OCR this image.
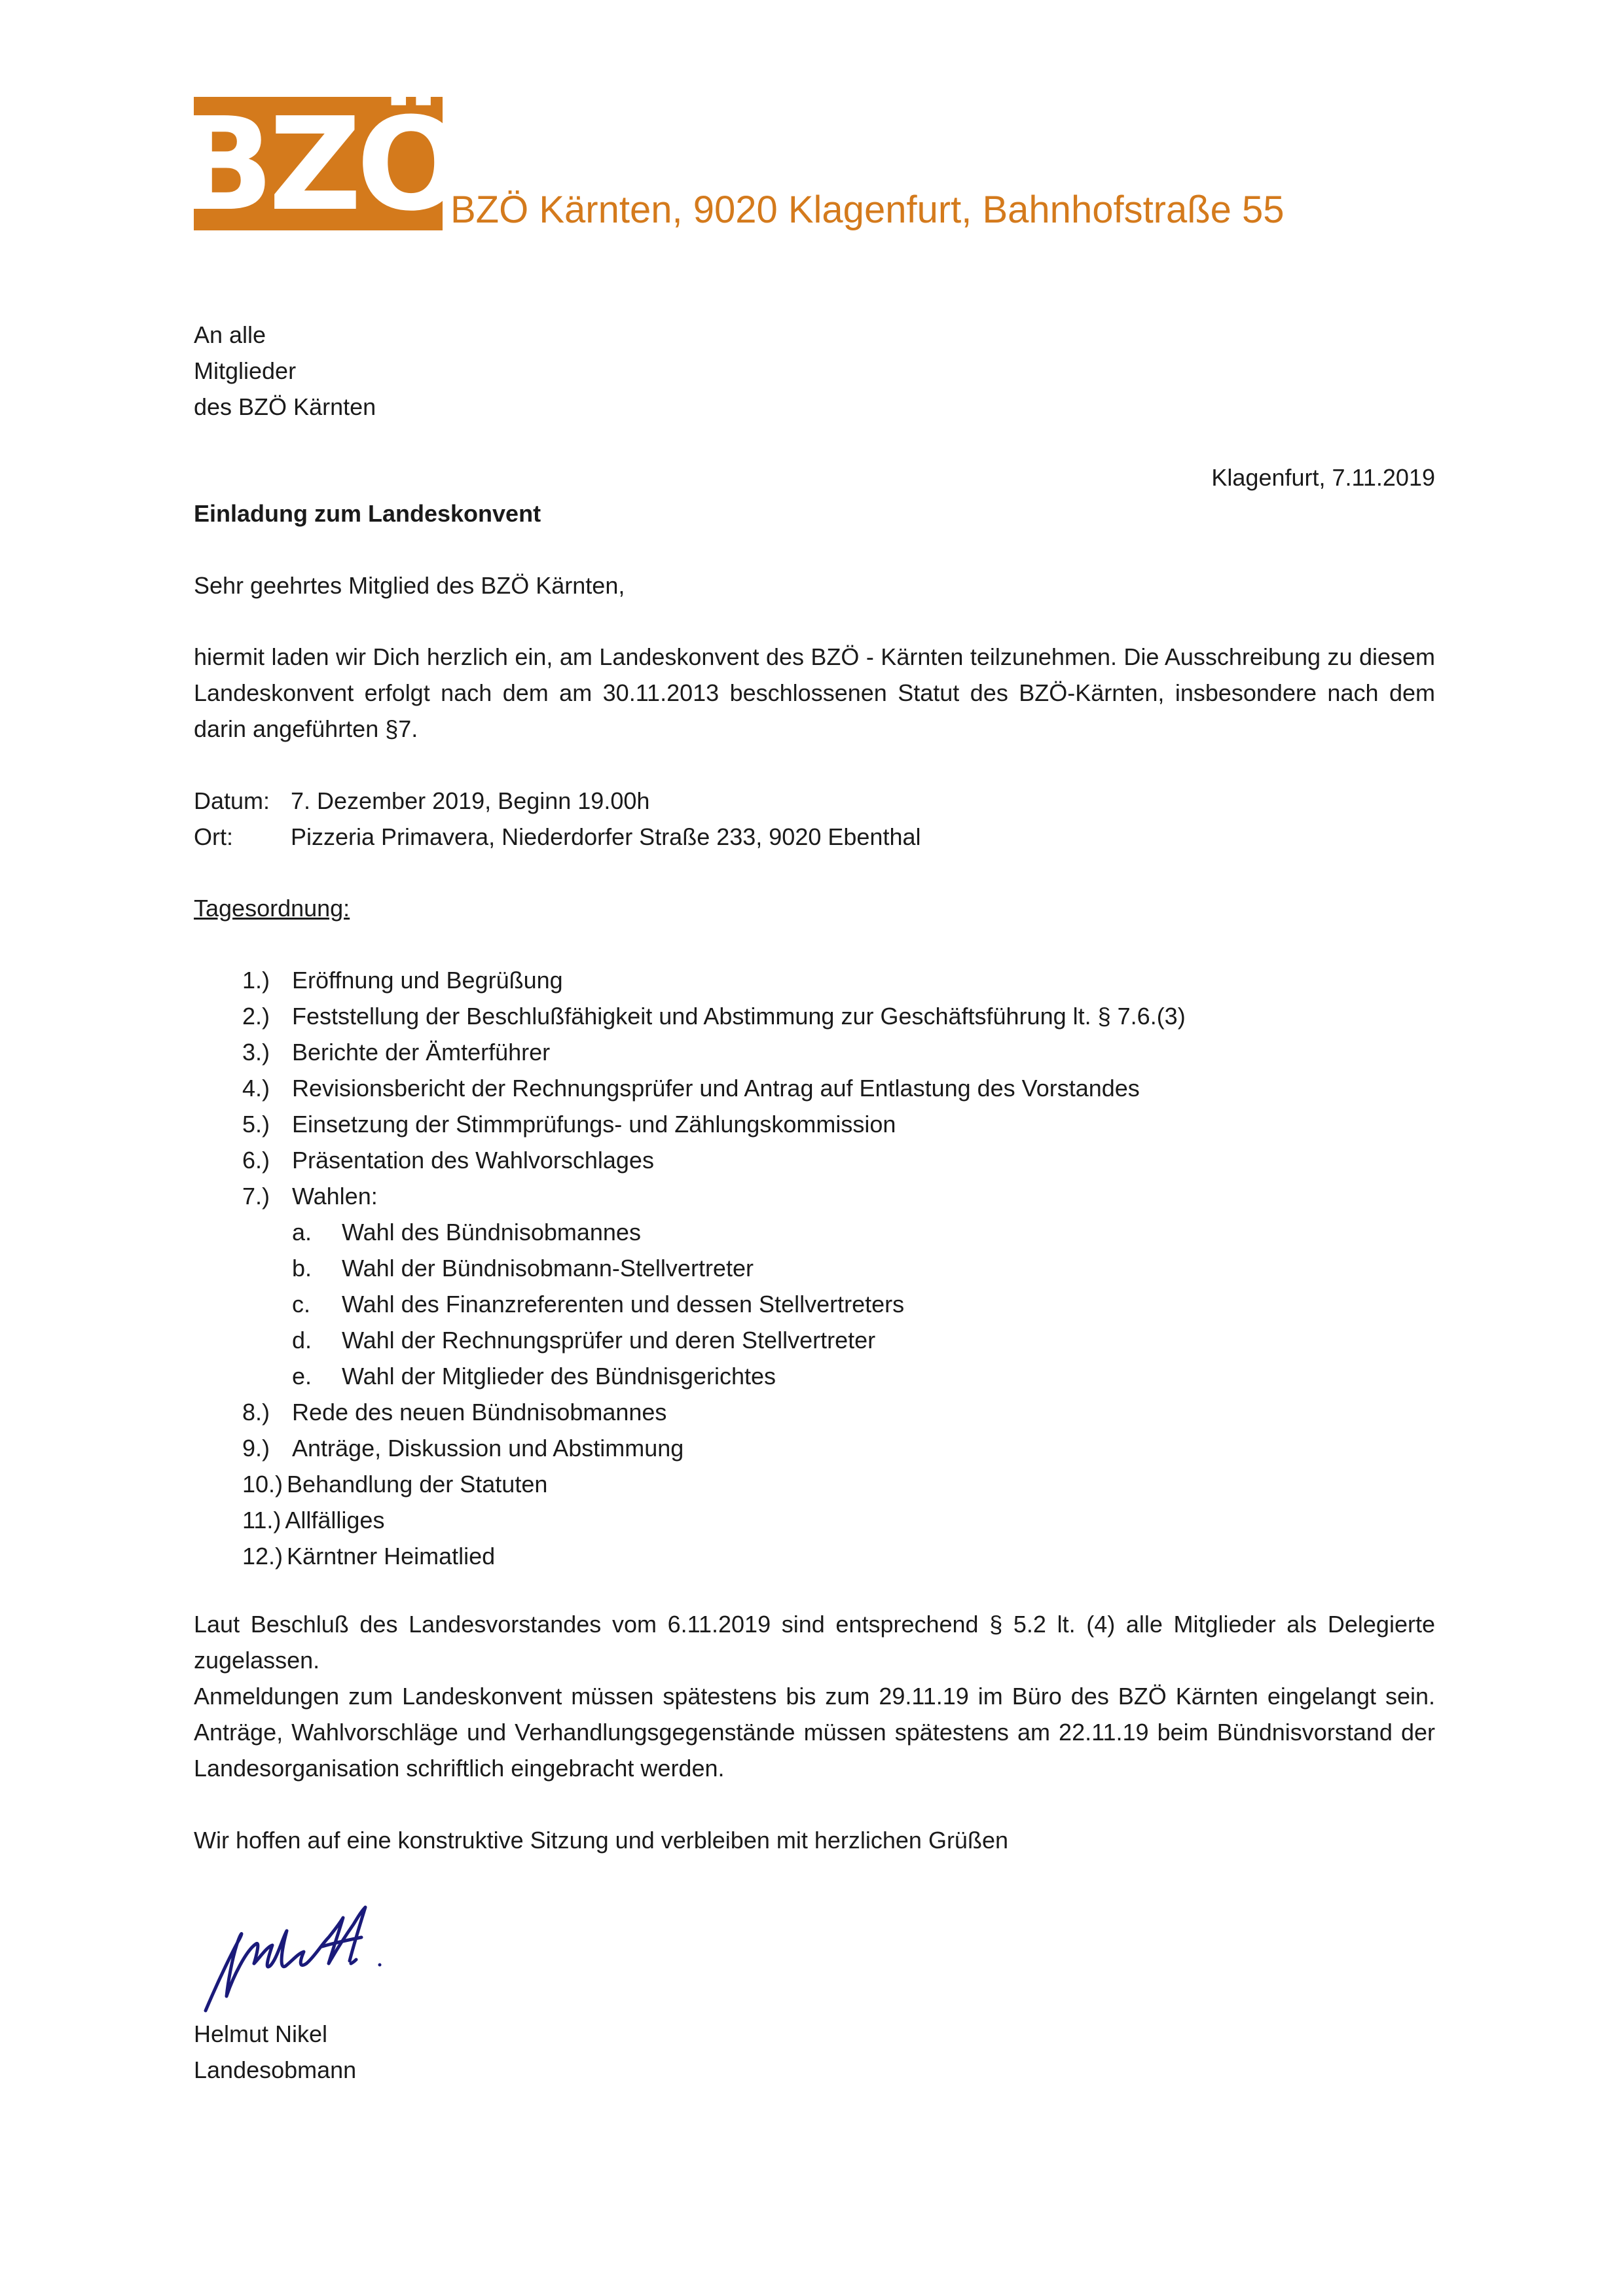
BZÖ
BZÖ Kärnten, 9020 Klagenfurt, Bahnhofstraße 55
An alle
Mitglieder
des BZÖ Kärnten
Klagenfurt, 7.11.2019
Einladung zum Landeskonvent
Sehr geehrtes Mitglied des BZÖ Kärnten,
hiermit laden wir Dich herzlich ein, am Landeskonvent des BZÖ - Kärnten teilzunehmen. Die Ausschreibung zu diesem Landeskonvent erfolgt nach dem am 30.11.2013 beschlossenen Statut des BZÖ-Kärnten, insbesondere nach dem darin angeführten §7.
Datum: 7. Dezember 2019, Beginn 19.00h
Ort:	Pizzeria Primavera, Niederdorfer Straße 233, 9020 Ebenthal
Tagesordnung:
1.) Eröffnung und Begrüßung
2.) Feststellung der Beschlußfähigkeit und Abstimmung zur Geschäftsführung lt. § 7.6.(3)
3.) Berichte der Ämterführer
4.) Revisionsbericht der Rechnungsprüfer und Antrag auf Entlastung des Vorstandes
5.) Einsetzung der Stimmprüfungs- und Zählungskommission
6.) Präsentation des Wahlvorschlages
7.) Wahlen:
a.	Wahl des Bündnisobmannes
b.	Wahl der Bündnisobmann-Stellvertreter
c.	Wahl des Finanzreferenten und dessen Stellvertreters
d.	Wahl der Rechnungsprüfer und deren Stellvertreter
e.	Wahl der Mitglieder des Bündnisgerichtes
8.) Rede des neuen Bündnisobmannes
9.) Anträge, Diskussion und Abstimmung
10.) Behandlung der Statuten
11.) Allfälliges
12.) Kärntner Heimatlied
Laut Beschluß des Landesvorstandes vom 6.11.2019 sind entsprechend § 5.2 lt. (4) alle Mitglieder als Delegierte zugelassen.
Anmeldungen zum Landeskonvent müssen spätestens bis zum 29.11.19 im Büro des BZÖ Kärnten eingelangt sein. Anträge, Wahlvorschläge und Verhandlungsgegenstände müssen spätestens am 22.11.19 beim Bündnisvorstand der Landesorganisation schriftlich eingebracht werden.
Wir hoffen auf eine konstruktive Sitzung und verbleiben mit herzlichen Grüßen
Helmut Nikel
Landesobmann
